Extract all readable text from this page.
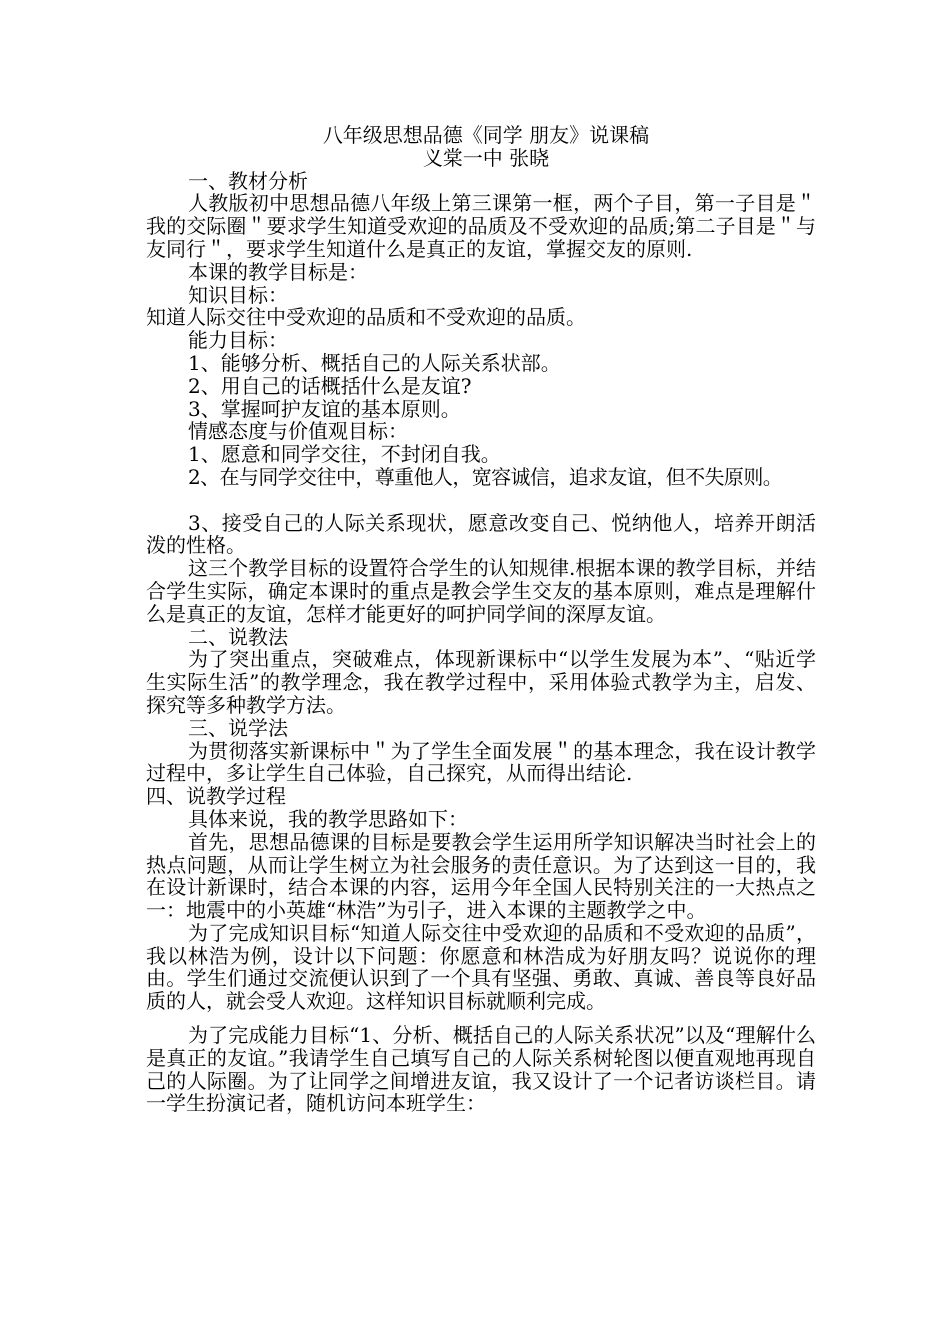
八年级思想品德《同学 朋友》说课稿

义棠一中 张晓

一、教材分析

人教版初中思想品德八年级上第三课第一框，两个子目，第一子目是＂我的交际圈＂要求学生知道受欢迎的品质及不受欢迎的品质;第二子目是＂与友同行＂，要求学生知道什么是真正的友谊，掌握交友的原则.

本课的教学目标是：

知识目标：

知道人际交往中受欢迎的品质和不受欢迎的品质。

能力目标：

1、能够分析、概括自己的人际关系状部。

2、用自己的话概括什么是友谊?

3、掌握呵护友谊的基本原则。

情感态度与价值观目标：

1、愿意和同学交往，不封闭自我。

2、在与同学交往中，尊重他人，宽容诚信，追求友谊，但不失原则。

3、接受自己的人际关系现状，愿意改变自己、悦纳他人，培养开朗活泼的性格。

这三个教学目标的设置符合学生的认知规律.根据本课的教学目标，并结合学生实际，确定本课时的重点是教会学生交友的基本原则，难点是理解什么是真正的友谊，怎样才能更好的呵护同学间的深厚友谊。

二、说教法

为了突出重点，突破难点，体现新课标中“以学生发展为本”、“贴近学生实际生活”的教学理念，我在教学过程中，采用体验式教学为主，启发、探究等多种教学方法。

三、说学法

为贯彻落实新课标中＂为了学生全面发展＂的基本理念，我在设计教学过程中，多让学生自己体验，自己探究，从而得出结论.

四、说教学过程

具体来说，我的教学思路如下：

首先，思想品德课的目标是要教会学生运用所学知识解决当时社会上的热点问题，从而让学生树立为社会服务的责任意识。为了达到这一目的，我在设计新课时，结合本课的内容，运用今年全国人民特别关注的一大热点之一：地震中的小英雄“林浩”为引子，进入本课的主题教学之中。

为了完成知识目标“知道人际交往中受欢迎的品质和不受欢迎的品质”，我以林浩为例，设计以下问题：你愿意和林浩成为好朋友吗？说说你的理由。学生们通过交流便认识到了一个具有坚强、勇敢、真诚、善良等良好品质的人，就会受人欢迎。这样知识目标就顺利完成。

为了完成能力目标“1、分析、概括自己的人际关系状况”以及“理解什么是真正的友谊。”我请学生自己填写自己的人际关系树轮图以便直观地再现自己的人际圈。为了让同学之间增进友谊，我又设计了一个记者访谈栏目。请一学生扮演记者，随机访问本班学生：
